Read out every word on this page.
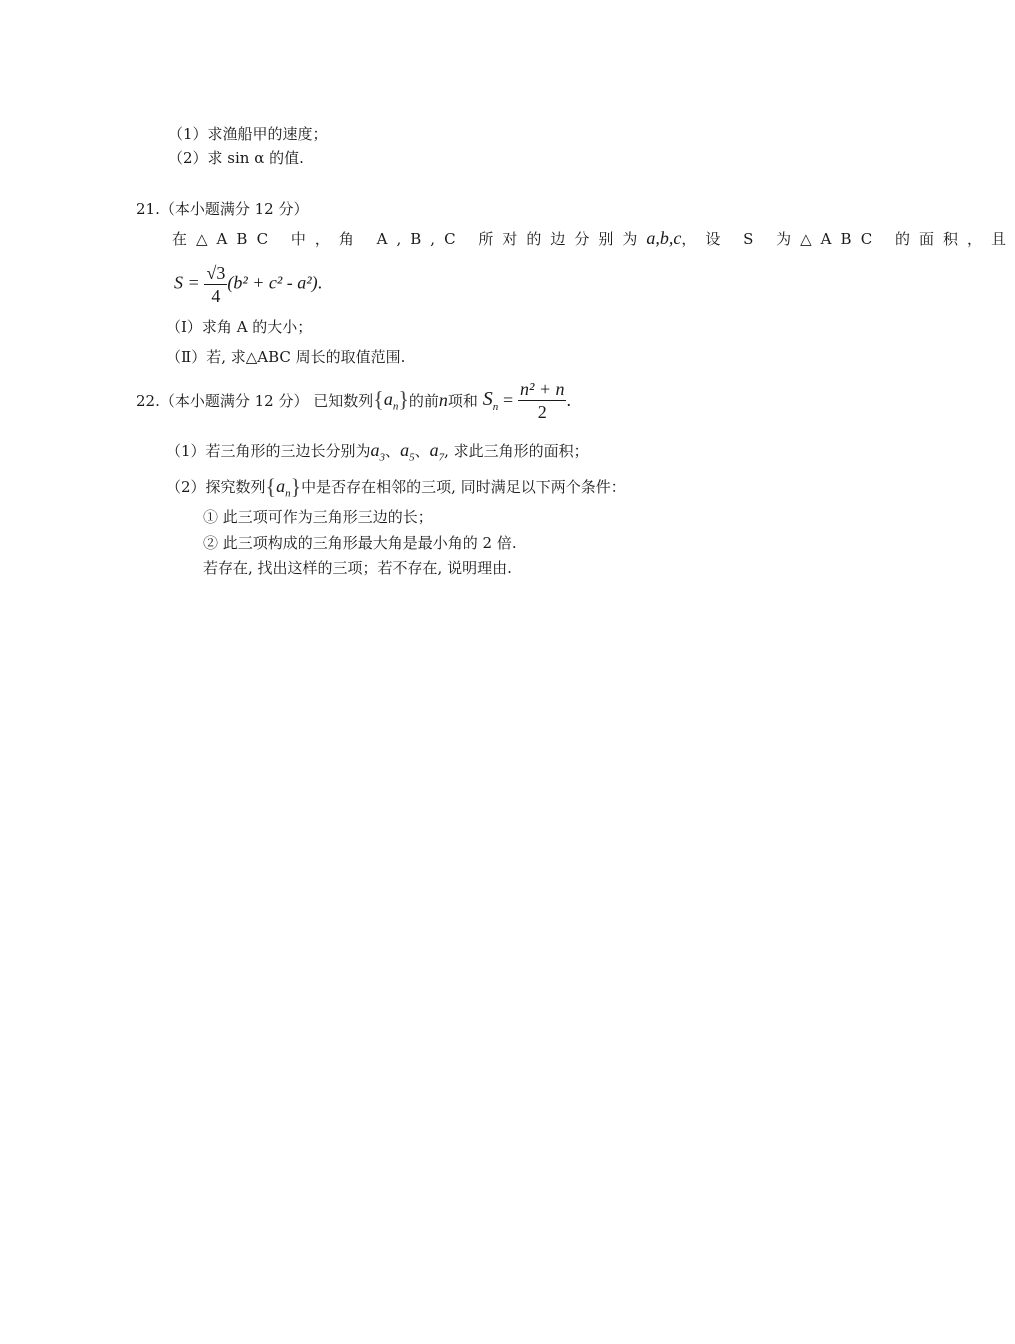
（1）求渔船甲的速度；
（2）求 sin α 的值.
21.（本小题满分 12 分）
在△ABC 中，角 A,B,C 所对的边分别为a,b,c，设 S 为△ABC 的面积，且
$S = \frac{√3}{4} (b^2 + c^2 - a^2)$.
（Ⅰ）求角 A 的大小；
（Ⅱ）若, 求△ABC 周长的取值范围.
22.（本小题满分 12 分） 已知数列$\{a_n\}$的前n项和 $S_n = \frac{\text{n² + n}}{2}$ .
（1）若三角形的三边长分别为$a_3$、$a_5$、$a_7$, 求此三角形的面积；
（2）探究数列$\{a_n\}$中是否存在相邻的三项, 同时满足以下两个条件：
① 此三项可作为三角形三边的长；
② 此三项构成的三角形最大角是最小角的 2 倍.
若存在, 找出这样的三项；若不存在, 说明理由.
